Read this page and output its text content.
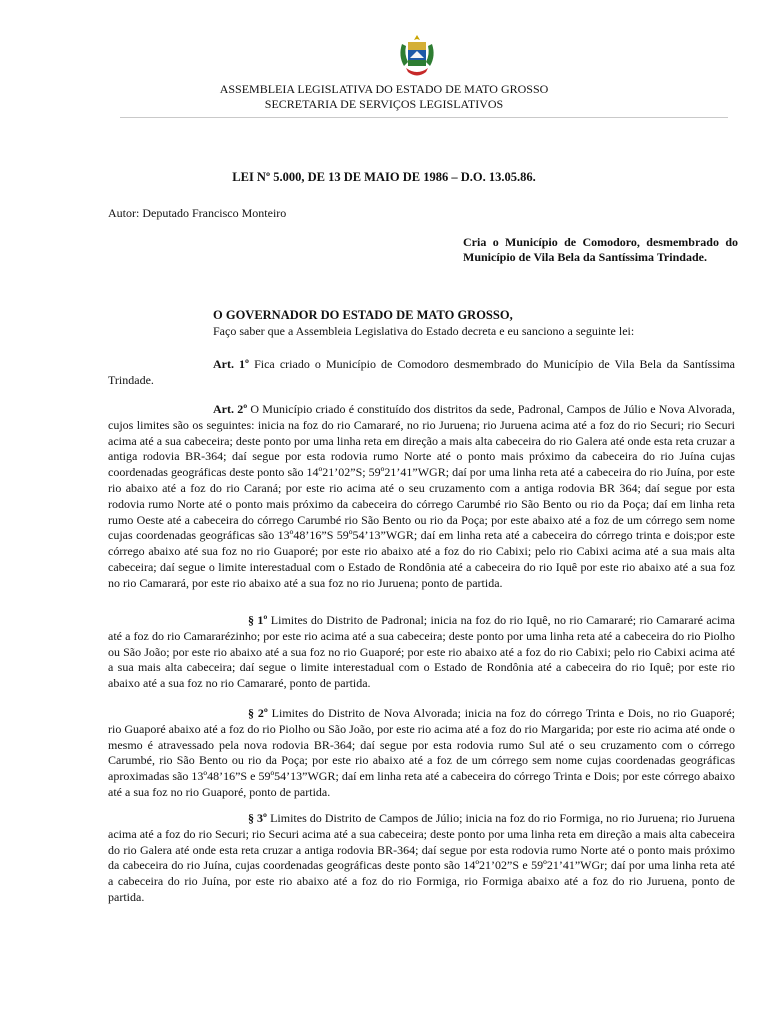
ASSEMBLEIA LEGISLATIVA DO ESTADO DE MATO GROSSO
SECRETARIA DE SERVIÇOS LEGISLATIVOS
LEI Nº 5.000, DE 13 DE MAIO DE 1986 – D.O. 13.05.86.
Autor: Deputado Francisco Monteiro
Cria o Município de Comodoro, desmembrado do Município de Vila Bela da Santíssima Trindade.
O GOVERNADOR DO ESTADO DE MATO GROSSO,
Faço saber que a Assembleia Legislativa do Estado decreta e eu sanciono a seguinte lei:

Art. 1º Fica criado o Município de Comodoro desmembrado do Município de Vila Bela da Santíssima Trindade.

Art. 2º O Município criado é constituído dos distritos da sede, Padronal, Campos de Júlio e Nova Alvorada, cujos limites são os seguintes: inicia na foz do rio Camararé, no rio Juruena; rio Juruena acima até a foz do rio Securi; rio Securi acima até a sua cabeceira; deste ponto por uma linha reta em direção a mais alta cabeceira do rio Galera até onde esta reta cruzar a antiga rodovia BR-364; daí segue por esta rodovia rumo Norte até o ponto mais próximo da cabeceira do rio Juína cujas coordenadas geográficas deste ponto são 14º21’02”S; 59º21’41”WGR; daí por uma linha reta até a cabeceira do rio Juína, por este rio abaixo até a foz do rio Caraná; por este rio acima até o seu cruzamento com a antiga rodovia BR 364; daí segue por esta rodovia rumo Norte até o ponto mais próximo da cabeceira do córrego Carumbé rio São Bento ou rio da Poça; daí em linha reta rumo Oeste até a cabeceira do córrego Carumbé rio São Bento ou rio da Poça; por este abaixo até a foz de um córrego sem nome cujas coordenadas geográficas são 13º48’16”S 59º54’13”WGR; daí em linha reta até a cabeceira do córrego trinta e dois;por este córrego abaixo até sua foz no rio Guaporé; por este rio abaixo até a foz do rio Cabixi; pelo rio Cabixi acima até a sua mais alta cabeceira; daí segue o limite interestadual com o Estado de Rondônia até a cabeceira do rio Iquê por este rio abaixo até a sua foz no rio Camarará, por este rio abaixo até a sua foz no rio Juruena; ponto de partida.

§ 1º Limites do Distrito de Padronal; inicia na foz do rio Iquê, no rio Camararé; rio Camararé acima até a foz do rio Camararézinho; por este rio acima até a sua cabeceira; deste ponto por uma linha reta até a cabeceira do rio Piolho ou São João; por este rio abaixo até a sua foz no rio Guaporé; por este rio abaixo até a foz do rio Cabixi; pelo rio Cabixi acima até a sua mais alta cabeceira; daí segue o limite interestadual com o Estado de Rondônia até a cabeceira do rio Iquê; por este rio abaixo até a sua foz no rio Camararé, ponto de partida.

§ 2º Limites do Distrito de Nova Alvorada; inicia na foz do córrego Trinta e Dois, no rio Guaporé; rio Guaporé abaixo até a foz do rio Piolho ou São João, por este rio acima até a foz do rio Margarida; por este rio acima até onde o mesmo é atravessado pela nova rodovia BR-364; daí segue por esta rodovia rumo Sul até o seu cruzamento com o córrego Carumbé, rio São Bento ou rio da Poça; por este rio abaixo até a foz de um córrego sem nome cujas coordenadas geográficas aproximadas são 13º48’16”S e 59º54’13”WGR; daí em linha reta até a cabeceira do córrego Trinta e Dois; por este córrego abaixo até a sua foz no rio Guaporé, ponto de partida.

§ 3º Limites do Distrito de Campos de Júlio; inicia na foz do rio Formiga, no rio Juruena; rio Juruena acima até a foz do rio Securi; rio Securi acima até a sua cabeceira; deste ponto por uma linha reta em direção a mais alta cabeceira do rio Galera até onde esta reta cruzar a antiga rodovia BR-364; daí segue por esta rodovia rumo Norte até o ponto mais próximo da cabeceira do rio Juína, cujas coordenadas geográficas deste ponto são 14º21’02”S e 59º21’41”WGr; daí por uma linha reta até a cabeceira do rio Juína, por este rio abaixo até a foz do rio Formiga, rio Formiga abaixo até a foz do rio Juruena, ponto de partida.
